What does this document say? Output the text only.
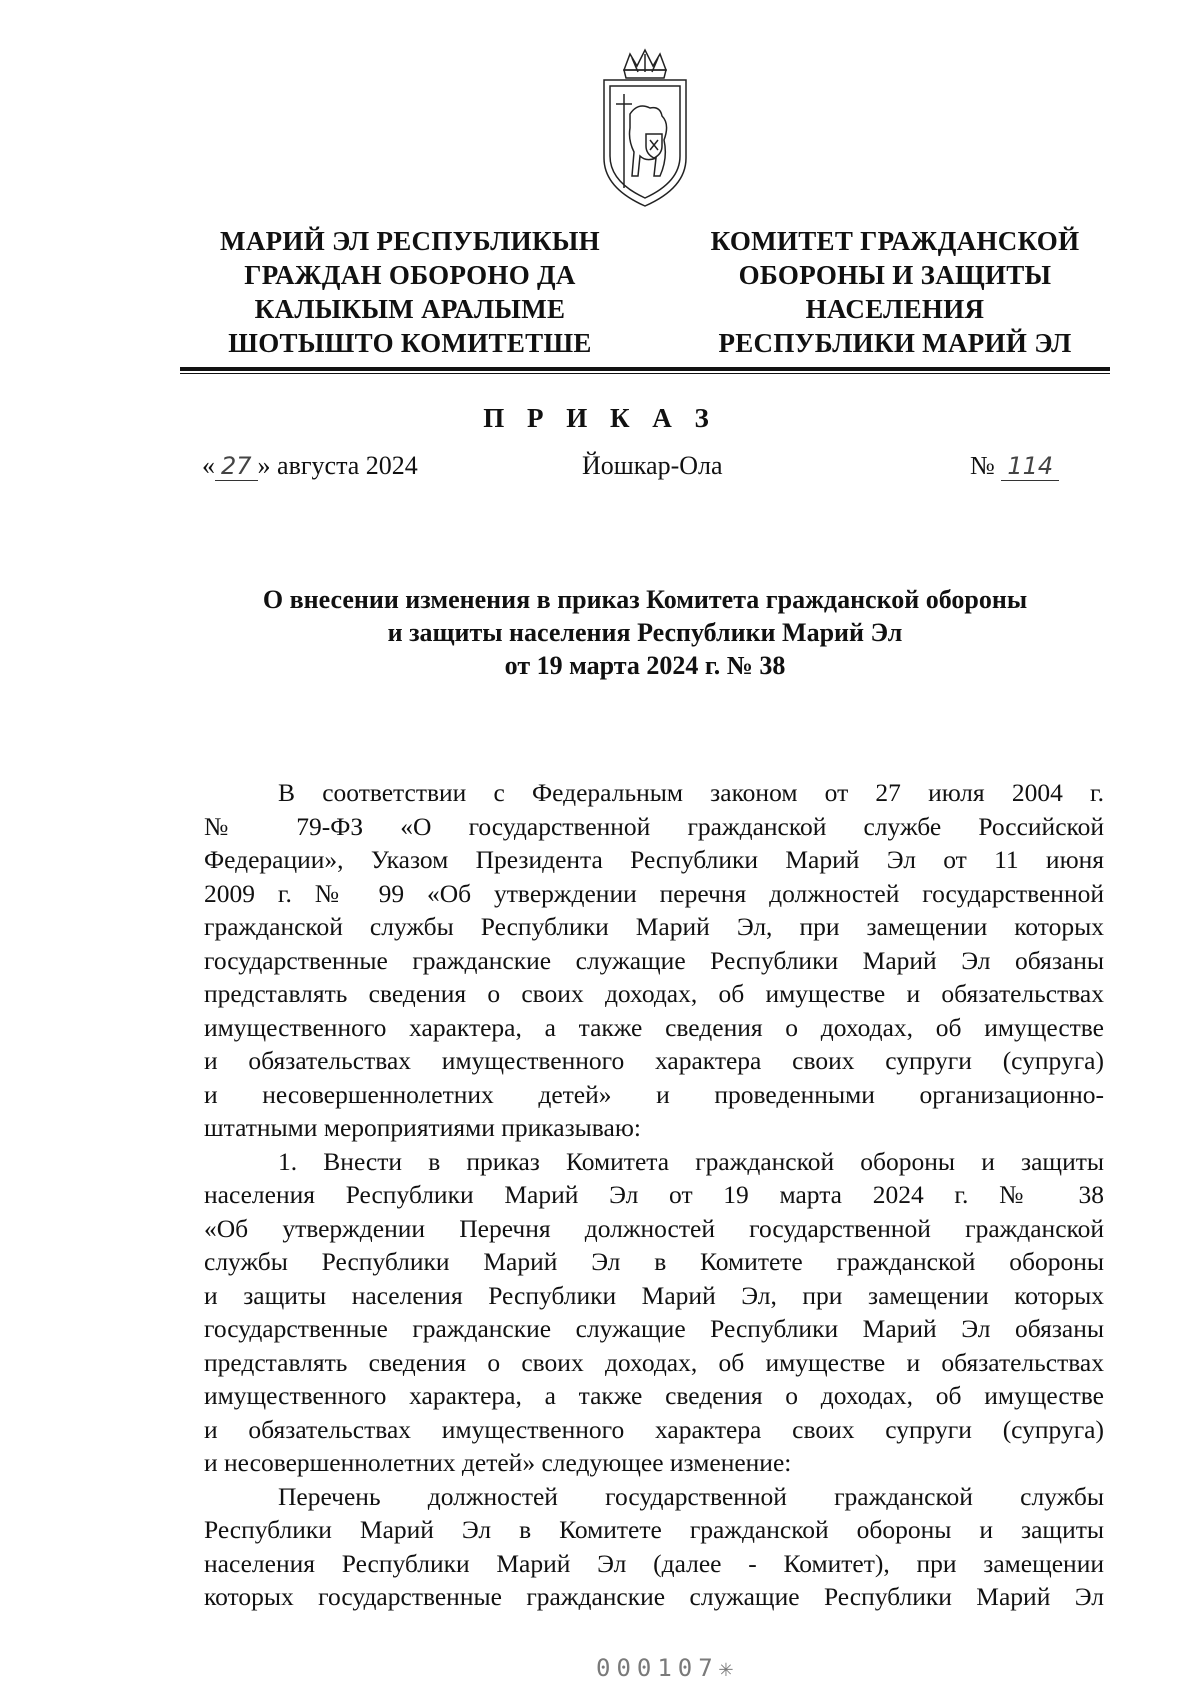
МАРИЙ ЭЛ РЕСПУБЛИКЫН
ГРАЖДАН ОБОРОНО ДА
КАЛЫКЫМ АРАЛЫМЕ
ШОТЫШТО КОМИТЕТШЕ
КОМИТЕТ ГРАЖДАНСКОЙ
ОБОРОНЫ И ЗАЩИТЫ
НАСЕЛЕНИЯ
РЕСПУБЛИКИ МАРИЙ ЭЛ
П Р И К А З
« 27 » августа 2024	Йошкар-Ола	№ 114
О внесении изменения в приказ Комитета гражданской обороны
и защиты населения Республики Марий Эл
от 19 марта 2024 г. № 38
В соответствии с Федеральным законом от 27 июля 2004 г.
№ 79-ФЗ «О государственной гражданской службе Российской
Федерации», Указом Президента Республики Марий Эл от 11 июня
2009 г. № 99 «Об утверждении перечня должностей государственной
гражданской службы Республики Марий Эл, при замещении которых
государственные гражданские служащие Республики Марий Эл обязаны
представлять сведения о своих доходах, об имуществе и обязательствах
имущественного характера, а также сведения о доходах, об имуществе
и обязательствах имущественного характера своих супруги (супруга)
и несовершеннолетних детей» и проведенными организационно-
штатными мероприятиями приказываю:
1. Внести в приказ Комитета гражданской обороны и защиты
населения Республики Марий Эл от 19 марта 2024 г. № 38
«Об утверждении Перечня должностей государственной гражданской
службы Республики Марий Эл в Комитете гражданской обороны
и защиты населения Республики Марий Эл, при замещении которых
государственные гражданские служащие Республики Марий Эл обязаны
представлять сведения о своих доходах, об имуществе и обязательствах
имущественного характера, а также сведения о доходах, об имуществе
и обязательствах имущественного характера своих супруги (супруга)
и несовершеннолетних детей» следующее изменение:
Перечень должностей государственной гражданской службы
Республики Марий Эл в Комитете гражданской обороны и защиты
населения Республики Марий Эл (далее - Комитет), при замещении
которых государственные гражданские служащие Республики Марий Эл
000107✳
